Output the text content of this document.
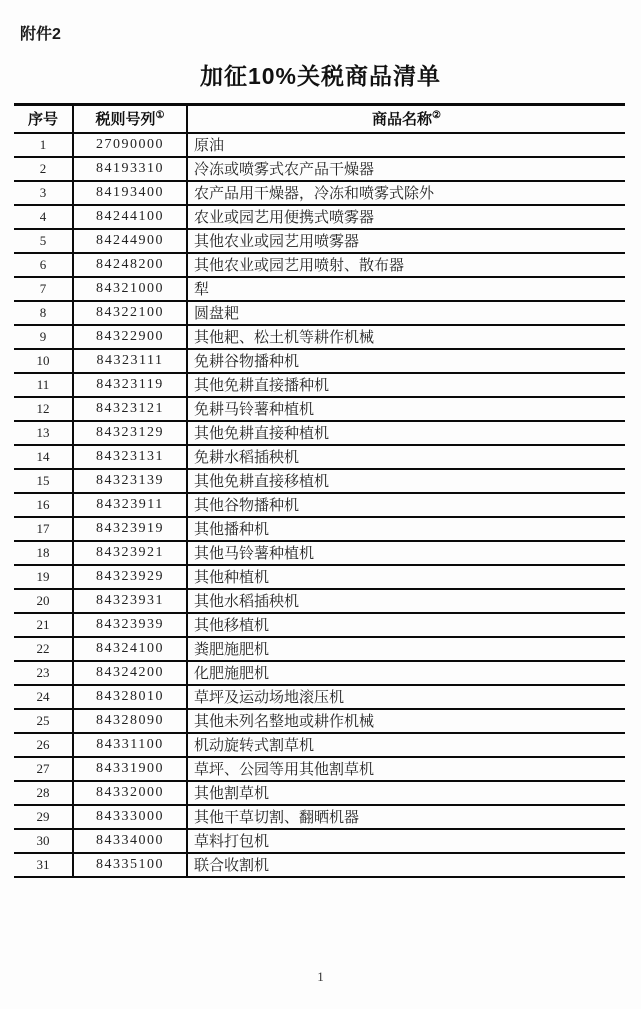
附件2
加征10%关税商品清单
序号	税则号列①	商品名称②
1	27090000	原油
2	84193310	冷冻或喷雾式农产品干燥器
3	84193400	农产品用干燥器，冷冻和喷雾式除外
4	84244100	农业或园艺用便携式喷雾器
5	84244900	其他农业或园艺用喷雾器
6	84248200	其他农业或园艺用喷射、散布器
7	84321000	犁
8	84322100	圆盘耙
9	84322900	其他耙、松土机等耕作机械
10	84323111	免耕谷物播种机
11	84323119	其他免耕直接播种机
12	84323121	免耕马铃薯种植机
13	84323129	其他免耕直接种植机
14	84323131	免耕水稻插秧机
15	84323139	其他免耕直接移植机
16	84323911	其他谷物播种机
17	84323919	其他播种机
18	84323921	其他马铃薯种植机
19	84323929	其他种植机
20	84323931	其他水稻插秧机
21	84323939	其他移植机
22	84324100	粪肥施肥机
23	84324200	化肥施肥机
24	84328010	草坪及运动场地滚压机
25	84328090	其他未列名整地或耕作机械
26	84331100	机动旋转式割草机
27	84331900	草坪、公园等用其他割草机
28	84332000	其他割草机
29	84333000	其他干草切割、翻晒机器
30	84334000	草料打包机
31	84335100	联合收割机
1
